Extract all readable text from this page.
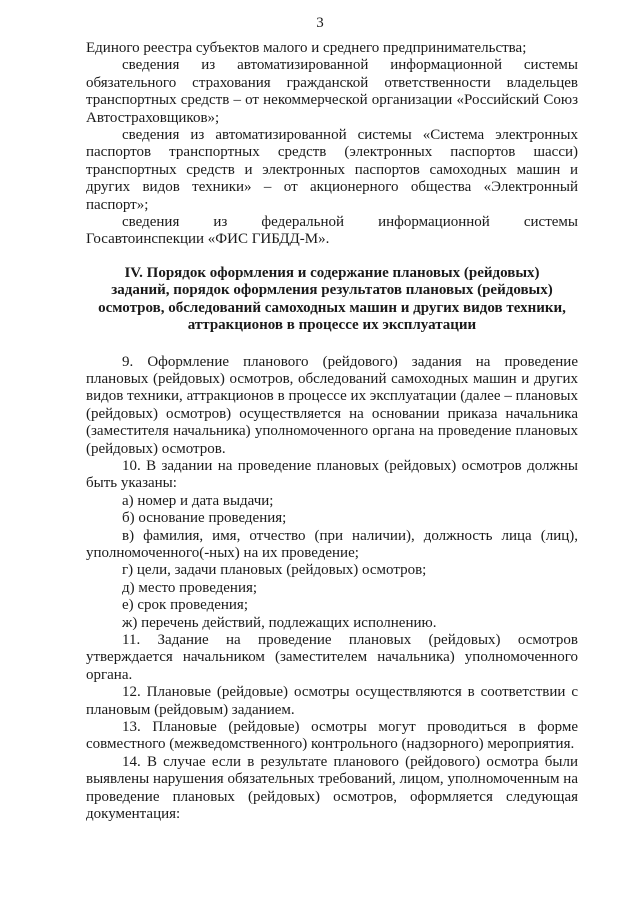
3

Единого реестра субъектов малого и среднего предпринимательства;

сведения из автоматизированной информационной системы обязательного страхования гражданской ответственности владельцев транспортных средств – от некоммерческой организации «Российский Союз Автостраховщиков»;

сведения из автоматизированной системы «Система электронных паспортов транспортных средств (электронных паспортов шасси) транспортных средств и электронных паспортов самоходных машин и других видов техники» – от акционерного общества «Электронный паспорт»;

сведения из федеральной информационной системы Госавтоинспекции «ФИС ГИБДД-М».

IV. Порядок оформления и содержание плановых (рейдовых) заданий, порядок оформления результатов плановых (рейдовых) осмотров, обследований самоходных машин и других видов техники, аттракционов в процессе их эксплуатации

9. Оформление планового (рейдового) задания на проведение плановых (рейдовых) осмотров, обследований самоходных машин и других видов техники, аттракционов в процессе их эксплуатации (далее – плановых (рейдовых) осмотров) осуществляется на основании приказа начальника (заместителя начальника) уполномоченного органа на проведение плановых (рейдовых) осмотров.

10. В задании на проведение плановых (рейдовых) осмотров должны быть указаны:

а) номер и дата выдачи;

б) основание проведения;

в) фамилия, имя, отчество (при наличии), должность лица (лиц), уполномоченного(-ных) на их проведение;

г) цели, задачи плановых (рейдовых) осмотров;

д) место проведения;

е) срок проведения;

ж) перечень действий, подлежащих исполнению.

11. Задание на проведение плановых (рейдовых) осмотров утверждается начальником (заместителем начальника) уполномоченного органа.

12. Плановые (рейдовые) осмотры осуществляются в соответствии с плановым (рейдовым) заданием.

13. Плановые (рейдовые) осмотры могут проводиться в форме совместного (межведомственного) контрольного (надзорного) мероприятия.

14. В случае если в результате планового (рейдового) осмотра были выявлены нарушения обязательных требований, лицом, уполномоченным на проведение плановых (рейдовых) осмотров, оформляется следующая документация:
